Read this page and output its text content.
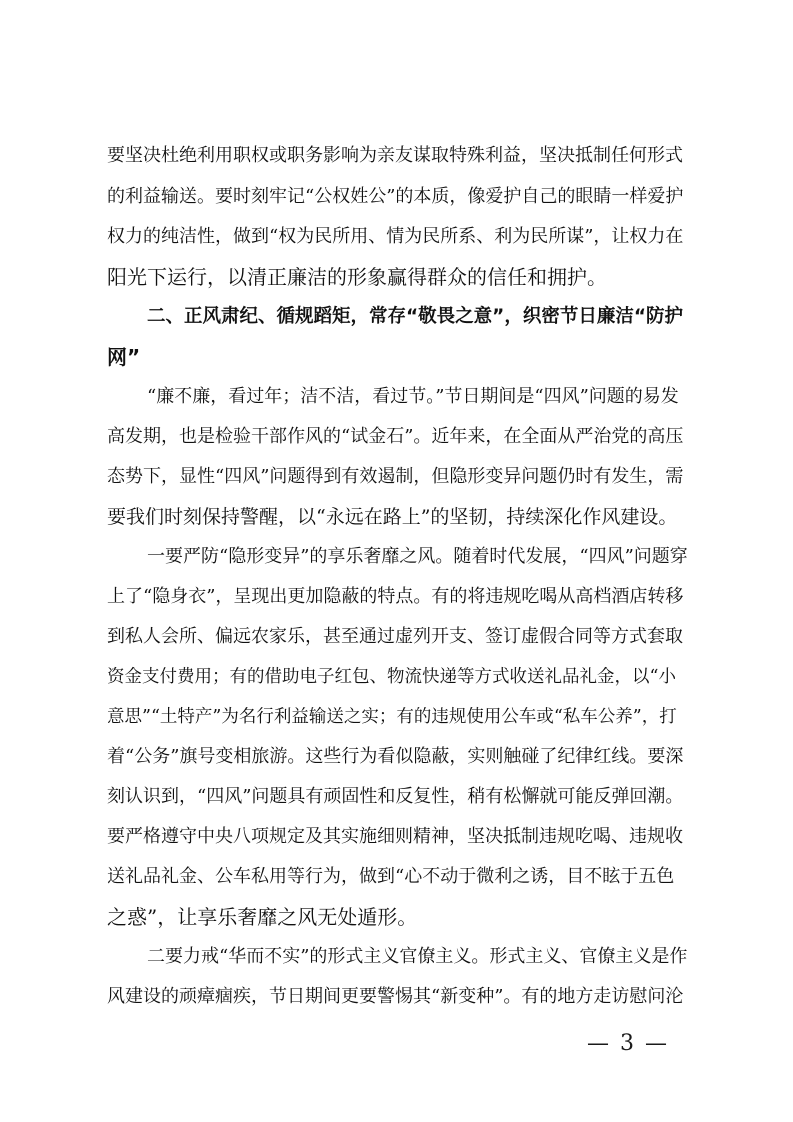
要坚决杜绝利用职权或职务影响为亲友谋取特殊利益，坚决抵制任何形式
的利益输送。要时刻牢记“公权姓公”的本质，像爱护自己的眼睛一样爱护
权力的纯洁性，做到“权为民所用、情为民所系、利为民所谋”，让权力在
阳光下运行，以清正廉洁的形象赢得群众的信任和拥护。
二、正风肃纪、循规蹈矩，常存“敬畏之意”，织密节日廉洁“防护
网”
“廉不廉，看过年；洁不洁，看过节。”节日期间是“四风”问题的易发
高发期，也是检验干部作风的“试金石”。近年来，在全面从严治党的高压
态势下，显性“四风”问题得到有效遏制，但隐形变异问题仍时有发生，需
要我们时刻保持警醒，以“永远在路上”的坚韧，持续深化作风建设。
一要严防“隐形变异”的享乐奢靡之风。随着时代发展，“四风”问题穿
上了“隐身衣”，呈现出更加隐蔽的特点。有的将违规吃喝从高档酒店转移
到私人会所、偏远农家乐，甚至通过虚列开支、签订虚假合同等方式套取
资金支付费用；有的借助电子红包、物流快递等方式收送礼品礼金，以“小
意思”“土特产”为名行利益输送之实；有的违规使用公车或“私车公养”，打
着“公务”旗号变相旅游。这些行为看似隐蔽，实则触碰了纪律红线。要深
刻认识到，“四风”问题具有顽固性和反复性，稍有松懈就可能反弹回潮。
要严格遵守中央八项规定及其实施细则精神，坚决抵制违规吃喝、违规收
送礼品礼金、公车私用等行为，做到“心不动于微利之诱，目不眩于五色
之惑”，让享乐奢靡之风无处遁形。
二要力戒“华而不实”的形式主义官僚主义。形式主义、官僚主义是作
风建设的顽瘴痼疾，节日期间更要警惕其“新变种”。有的地方走访慰问沦
— 3 —
